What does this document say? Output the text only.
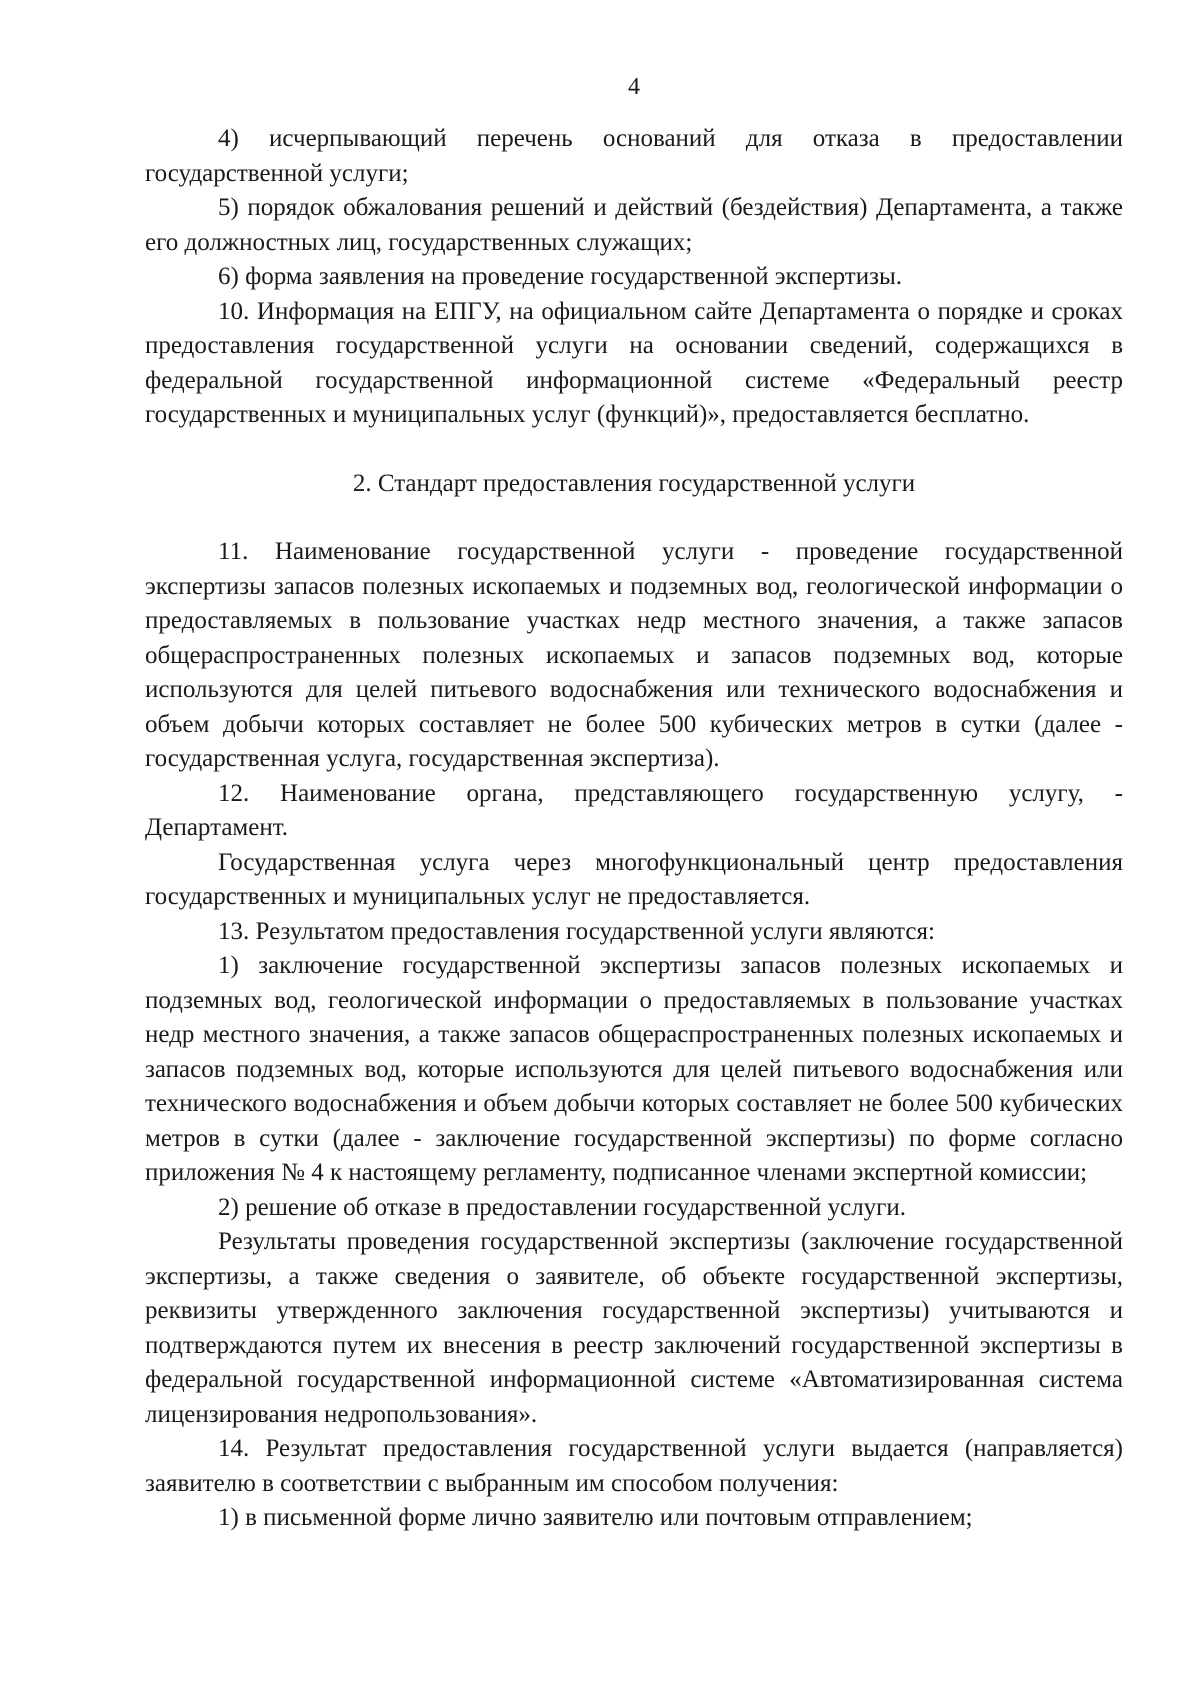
4

4) исчерпывающий перечень оснований для отказа в предоставлении государственной услуги;

5) порядок обжалования решений и действий (бездействия) Департамента, а также его должностных лиц, государственных служащих;

6) форма заявления на проведение государственной экспертизы.

10. Информация на ЕПГУ, на официальном сайте Департамента о порядке и сроках предоставления государственной услуги на основании сведений, содержащихся в федеральной государственной информационной системе «Федеральный реестр государственных и муниципальных услуг (функций)», предоставляется бесплатно.

2. Стандарт предоставления государственной услуги

11. Наименование государственной услуги - проведение государственной экспертизы запасов полезных ископаемых и подземных вод, геологической информации о предоставляемых в пользование участках недр местного значения, а также запасов общераспространенных полезных ископаемых и запасов подземных вод, которые используются для целей питьевого водоснабжения или технического водоснабжения и объем добычи которых составляет не более 500 кубических метров в сутки (далее - государственная услуга, государственная экспертиза).

12. Наименование органа, представляющего государственную услугу, - Департамент.

Государственная услуга через многофункциональный центр предоставления государственных и муниципальных услуг не предоставляется.

13. Результатом предоставления государственной услуги являются:

1) заключение государственной экспертизы запасов полезных ископаемых и подземных вод, геологической информации о предоставляемых в пользование участках недр местного значения, а также запасов общераспространенных полезных ископаемых и запасов подземных вод, которые используются для целей питьевого водоснабжения или технического водоснабжения и объем добычи которых составляет не более 500 кубических метров в сутки (далее - заключение государственной экспертизы) по форме согласно приложения № 4 к настоящему регламенту, подписанное членами экспертной комиссии;

2) решение об отказе в предоставлении государственной услуги.

Результаты проведения государственной экспертизы (заключение государственной экспертизы, а также сведения о заявителе, об объекте государственной экспертизы, реквизиты утвержденного заключения государственной экспертизы) учитываются и подтверждаются путем их внесения в реестр заключений государственной экспертизы в федеральной государственной информационной системе «Автоматизированная система лицензирования недропользования».

14. Результат предоставления государственной услуги выдается (направляется) заявителю в соответствии с выбранным им способом получения:

1) в письменной форме лично заявителю или почтовым отправлением;
